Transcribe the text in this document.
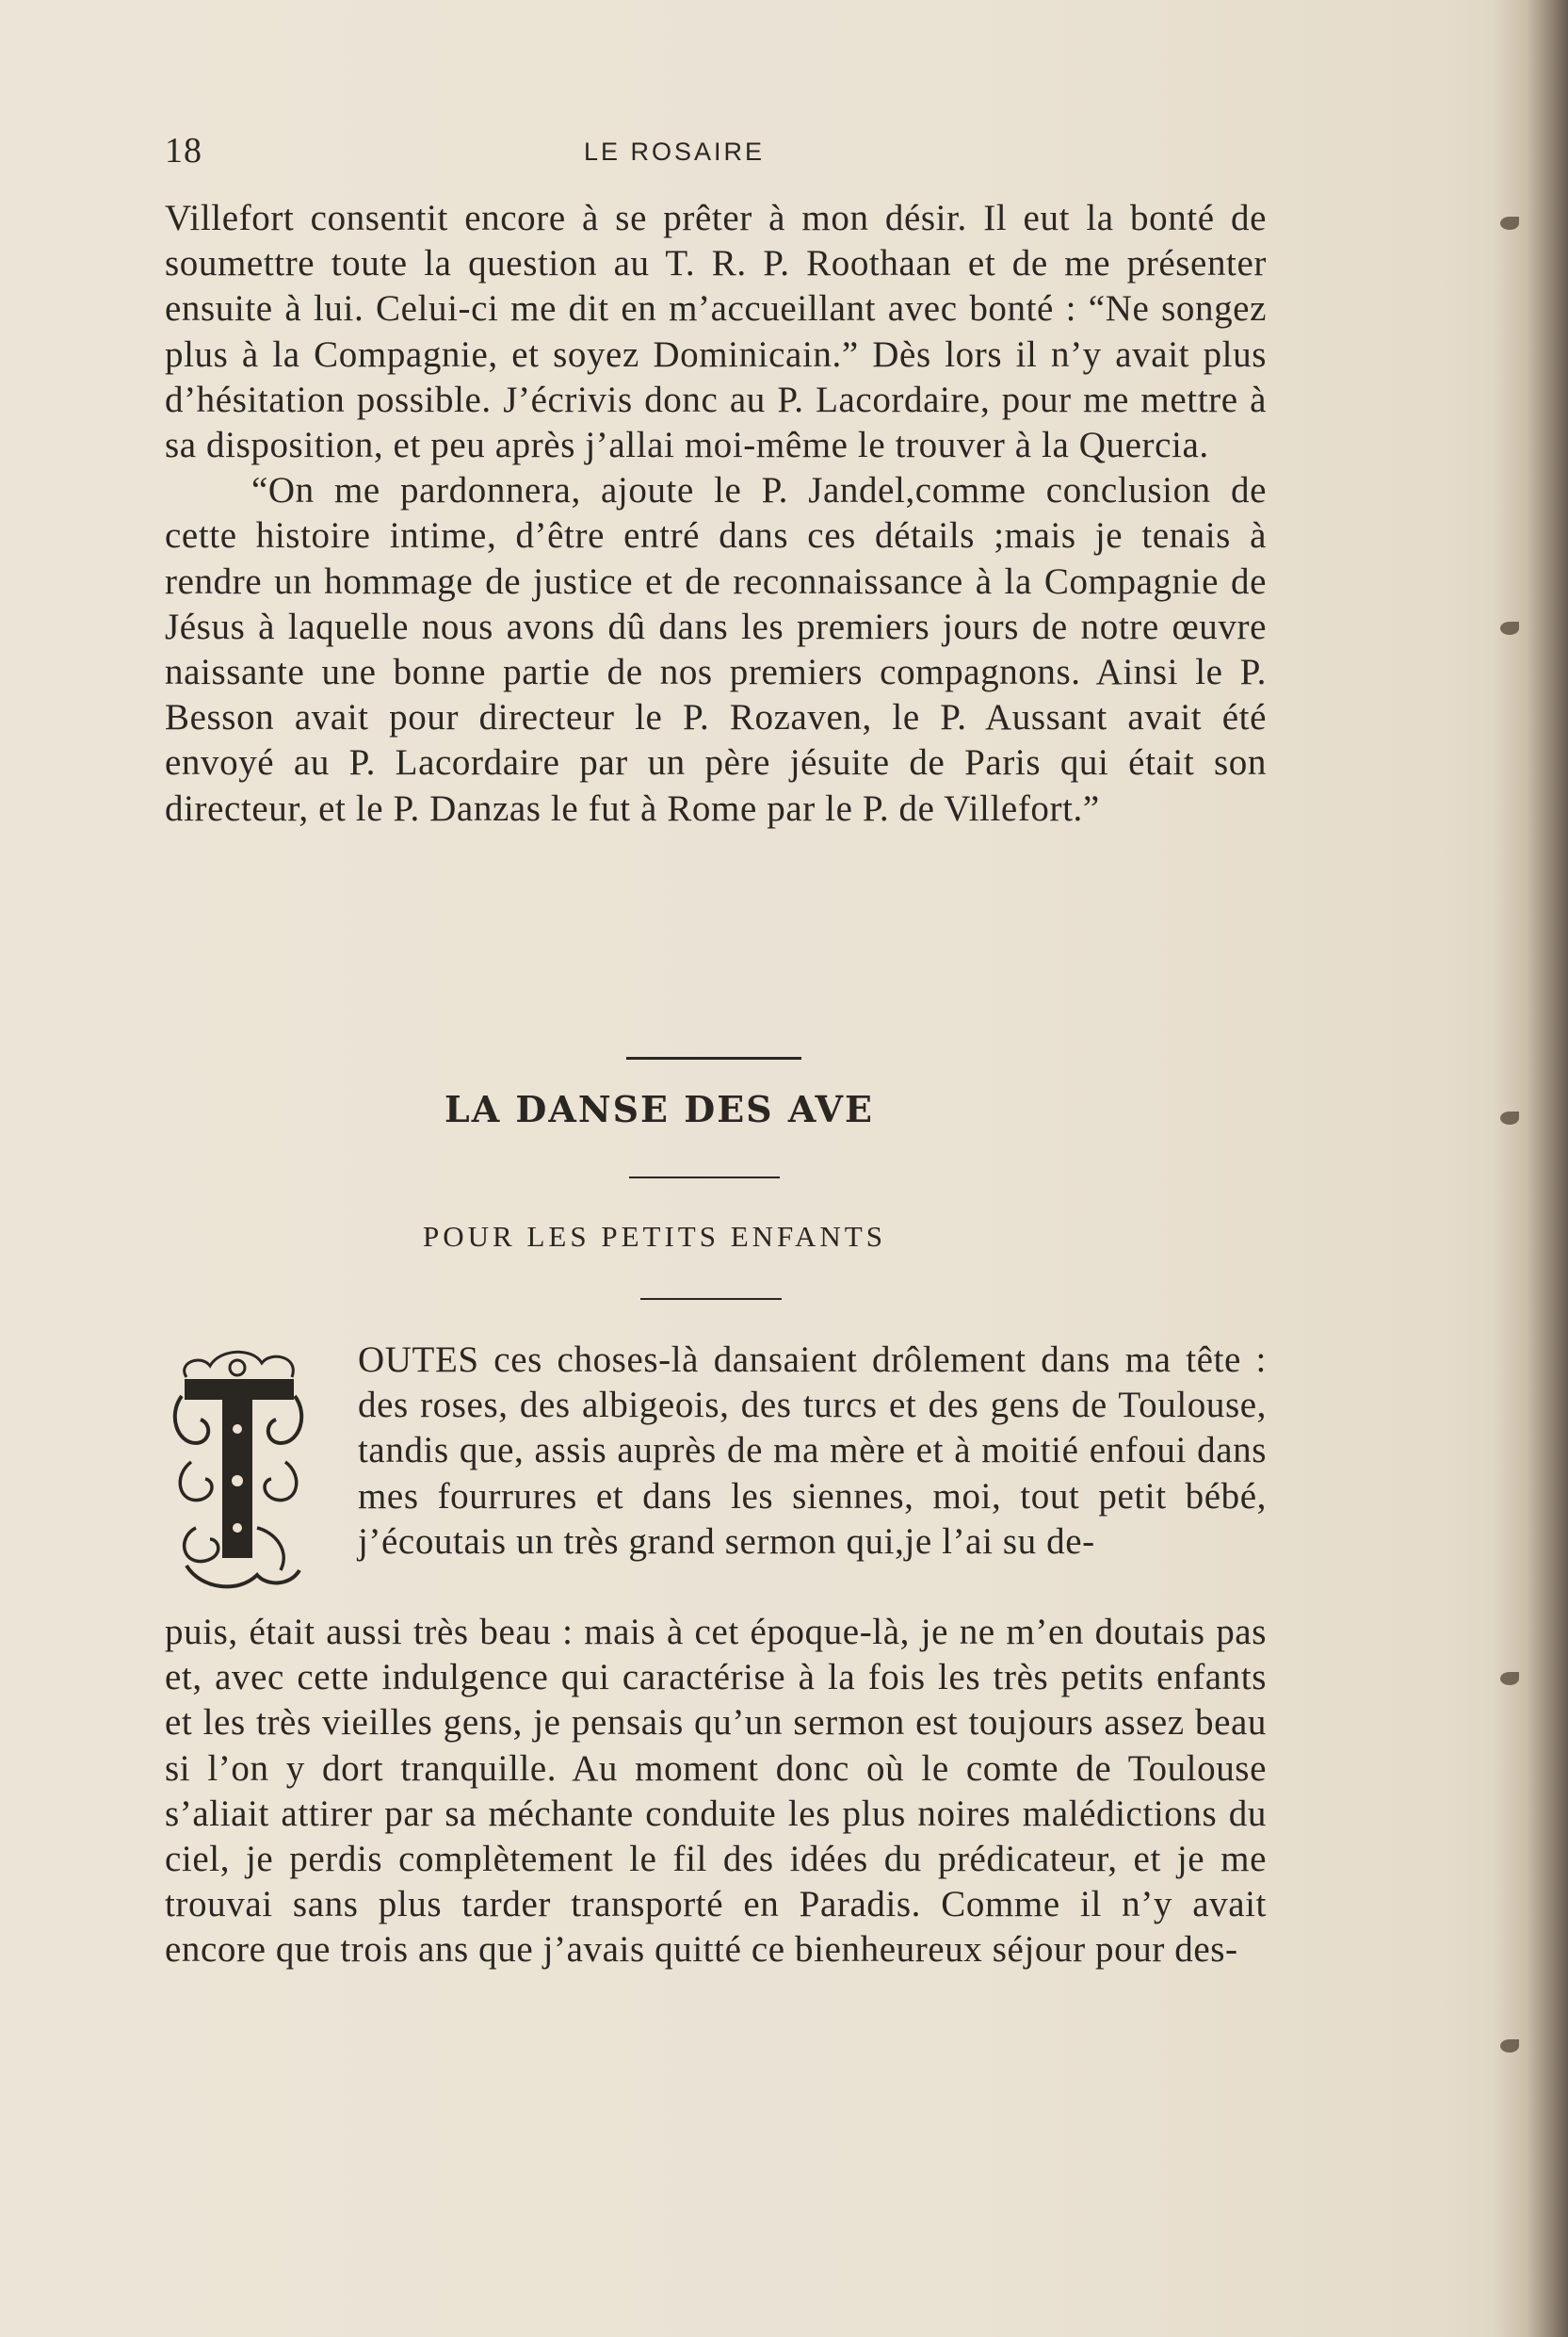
18	LE ROSAIRE

Villefort consentit encore à se prêter à mon désir. Il eut la bonté de soumettre toute la question au T. R. P. Roothaan et de me présenter ensuite à lui. Celui-ci me dit en m’accueillant avec bonté : “Ne songez plus à la Compagnie, et soyez Dominicain.” Dès lors il n’y avait plus d’hésitation possible. J’écrivis donc au P. Lacordaire, pour me mettre à sa disposition, et peu après j’allai moi-même le trouver à la Quercia.

“On me pardonnera, ajoute le P. Jandel,comme conclusion de cette histoire intime, d’être entré dans ces détails ;mais je tenais à rendre un hommage de justice et de reconnaissance à la Compagnie de Jésus à laquelle nous avons dû dans les premiers jours de notre œuvre naissante une bonne partie de nos premiers compagnons. Ainsi le P. Besson avait pour directeur le P. Rozaven, le P. Aussant avait été envoyé au P. Lacordaire par un père jésuite de Paris qui était son directeur, et le P. Danzas le fut à Rome par le P. de Villefort.”

LA DANSE DES AVE
POUR LES PETITS ENFANTS
T

OUTES ces choses-là dansaient drôlement dans ma tête : des roses, des albigeois, des turcs et des gens de Toulouse, tandis que, assis auprès de ma mère et à moitié enfoui dans mes fourrures et dans les siennes, moi, tout petit bébé, j’écoutais un très grand sermon qui,je l’ai su de-

puis, était aussi très beau : mais à cet époque-là, je ne m’en doutais pas et, avec cette indulgence qui caractérise à la fois les très petits enfants et les très vieilles gens, je pensais qu’un sermon est toujours assez beau si l’on y dort tranquille. Au moment donc où le comte de Toulouse s’aliait attirer par sa méchante conduite les plus noires malédictions du ciel, je perdis complètement le fil des idées du prédicateur, et je me trouvai sans plus tarder transporté en Paradis. Comme il n’y avait encore que trois ans que j’avais quitté ce bienheureux séjour pour des-
